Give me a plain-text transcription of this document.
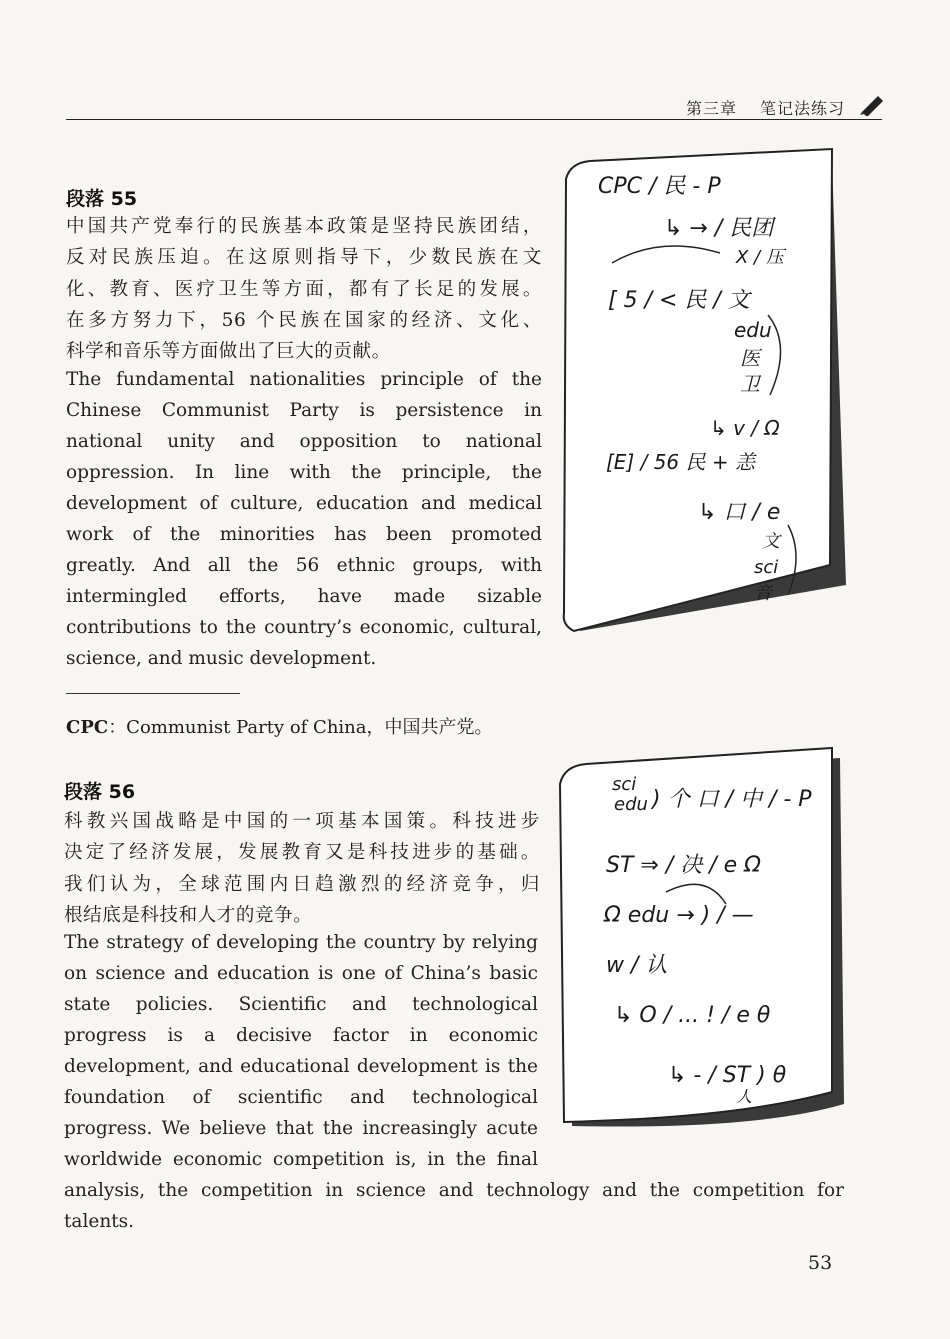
第三章 笔记法练习
段落 55
中国共产党奉行的民族基本政策是坚持民族团结，
反对民族压迫。在这原则指导下，少数民族在文
化、教育、医疗卫生等方面，都有了长足的发展。
在多方努力下，56 个民族在国家的经济、文化、
科学和音乐等方面做出了巨大的贡献。
The fundamental nationalities principle of the
Chinese Communist Party is persistence in
national unity and opposition to national
oppression. In line with the principle, the
development of culture, education and medical
work of the minorities has been promoted
greatly. And all the 56 ethnic groups, with
intermingled efforts, have made sizable
contributions to the country’s economic, cultural,
science, and music development.
CPC / 民 - P
↳ → / 民团
X / 压
[ 5 / < 民 / 文
edu
医
卫
↳ v / Ω
[E] / 56 民 + 恙
↳ 口 / e
文
sci
音
CPC：Communist Party of China，中国共产党。
段落 56
科教兴国战略是中国的一项基本国策。科技进步
决定了经济发展，发展教育又是科技进步的基础。
我们认为，全球范围内日趋激烈的经济竞争，归
根结底是科技和人才的竞争。
The strategy of developing the country by relying
on science and education is one of China’s basic
state policies. Scientific and technological
progress is a decisive factor in economic
development, and educational development is the
foundation of scientific and technological
progress. We believe that the increasingly acute
worldwide economic competition is, in the final
analysis, the competition in science and technology and the competition for
talents.
sci
edu ) 个 口 / 中 / - P
ST ⇒ / 决 / e Ω
Ω edu → ) / —
w / 认
↳ O / ... ! / e θ
↳ - / ST ) θ
人
53
